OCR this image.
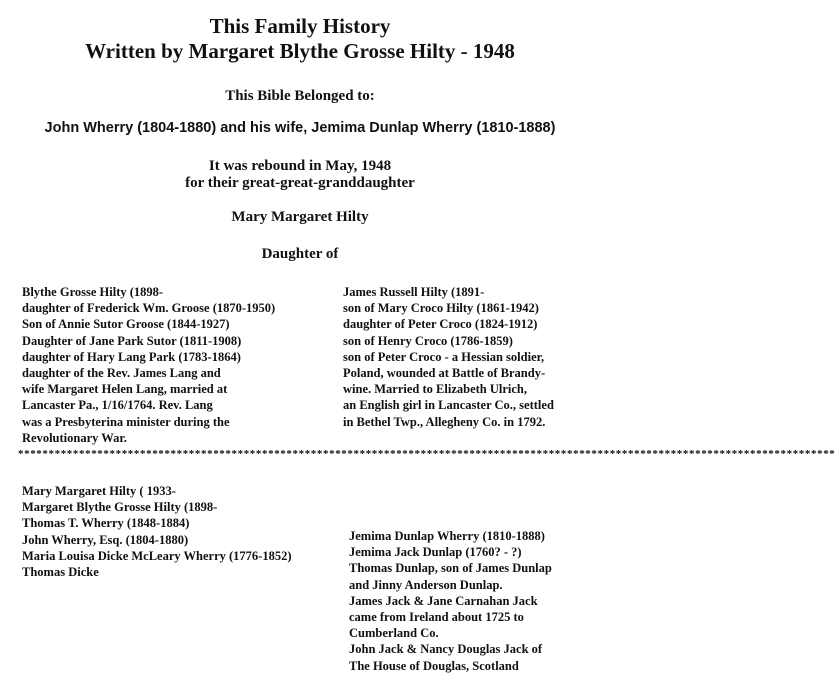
This Family History
Written by Margaret Blythe Grosse Hilty - 1948
This Bible Belonged to:
John Wherry (1804-1880) and his wife, Jemima Dunlap Wherry (1810-1888)
It was rebound in May, 1948
for their great-great-granddaughter
Mary Margaret Hilty
Daughter of
Blythe Grosse Hilty (1898-
daughter of Frederick Wm. Groose (1870-1950)
Son of Annie Sutor Groose (1844-1927)
Daughter of Jane Park Sutor (1811-1908)
daughter of Hary Lang Park (1783-1864)
daughter of the Rev. James Lang and
wife Margaret Helen Lang, married at
Lancaster Pa., 1/16/1764. Rev. Lang
was a Presbyterina minister during the
Revolutionary War.
James Russell Hilty (1891-
son of Mary Croco Hilty (1861-1942)
daughter of Peter Croco (1824-1912)
son of Henry Croco (1786-1859)
son of Peter Croco - a Hessian soldier,
Poland, wounded at Battle of Brandy-
wine. Married to Elizabeth Ulrich,
an English girl in Lancaster Co., settled
in Bethel Twp., Allegheny Co. in 1792.
**************************************************************************************************************************************
Mary Margaret Hilty ( 1933-
Margaret Blythe Grosse Hilty (1898-
Thomas T. Wherry (1848-1884)
John Wherry, Esq. (1804-1880)
Maria Louisa Dicke McLeary Wherry (1776-1852)
Thomas Dicke
Jemima Dunlap Wherry (1810-1888)
Jemima Jack Dunlap (1760? - ?)
Thomas Dunlap, son of James Dunlap
and Jinny Anderson Dunlap.
James Jack & Jane Carnahan Jack
came from Ireland about 1725 to
Cumberland Co.
John Jack & Nancy Douglas Jack of
The House of Douglas, Scotland
